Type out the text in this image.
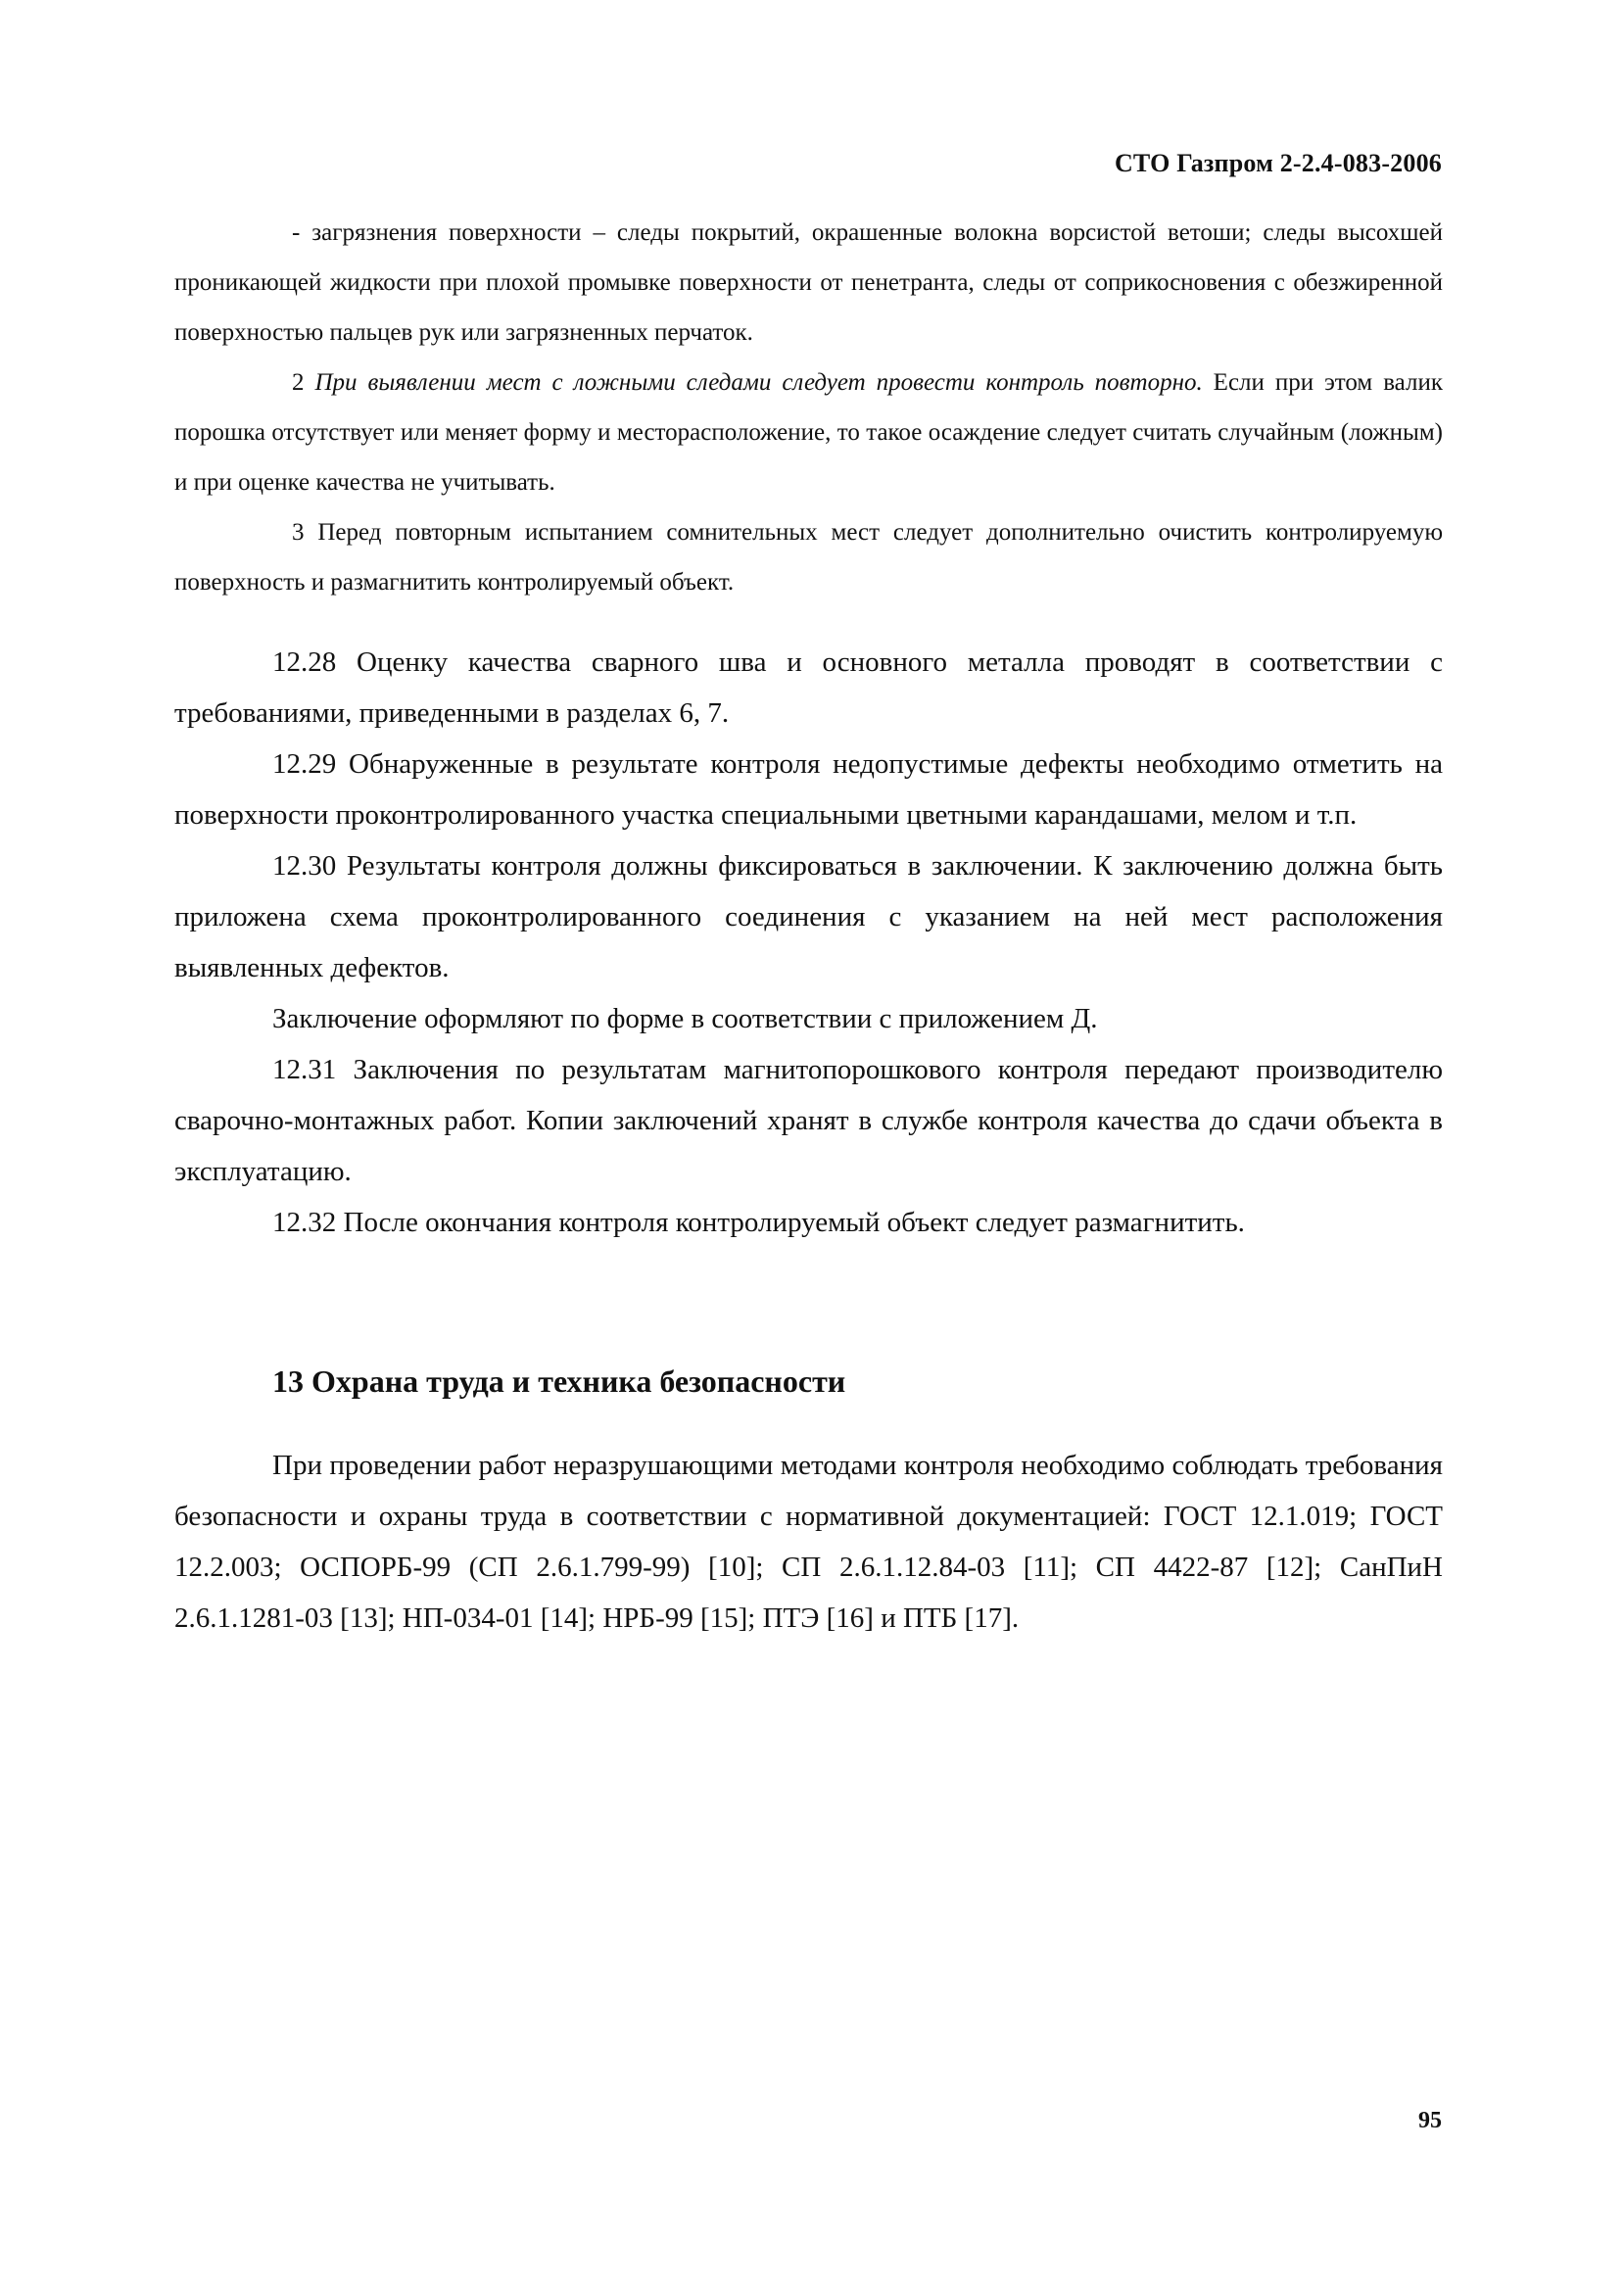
СТО Газпром 2-2.4-083-2006

- загрязнения поверхности – следы покрытий, окрашенные волокна ворсистой ветоши; следы высохшей проникающей жидкости при плохой промывке поверхности от пенетранта, следы от соприкосновения с обезжиренной поверхностью пальцев рук или загрязненных перчаток.

2 При выявлении мест с ложными следами следует провести контроль повторно. Если при этом валик порошка отсутствует или меняет форму и месторасположение, то такое осаждение следует считать случайным (ложным) и при оценке качества не учитывать.

3 Перед повторным испытанием сомнительных мест следует дополнительно очистить контролируемую поверхность и размагнитить контролируемый объект.

12.28 Оценку качества сварного шва и основного металла проводят в соответствии с требованиями, приведенными в разделах 6, 7.

12.29 Обнаруженные в результате контроля недопустимые дефекты необходимо отметить на поверхности проконтролированного участка специальными цветными карандашами, мелом и т.п.

12.30 Результаты контроля должны фиксироваться в заключении. К заключению должна быть приложена схема проконтролированного соединения с указанием на ней мест расположения выявленных дефектов.

Заключение оформляют по форме в соответствии с приложением Д.

12.31 Заключения по результатам магнитопорошкового контроля передают производителю сварочно-монтажных работ. Копии заключений хранят в службе контроля качества до сдачи объекта в эксплуатацию.

12.32 После окончания контроля контролируемый объект следует размагнитить.

13 Охрана труда и техника безопасности

При проведении работ неразрушающими методами контроля необходимо соблюдать требования безопасности и охраны труда в соответствии с нормативной документацией: ГОСТ 12.1.019; ГОСТ 12.2.003; ОСПОРБ-99 (СП 2.6.1.799-99) [10]; СП 2.6.1.12.84-03 [11]; СП 4422-87 [12]; СанПиН 2.6.1.1281-03 [13]; НП-034-01 [14]; НРБ-99 [15]; ПТЭ [16] и ПТБ [17].

95
